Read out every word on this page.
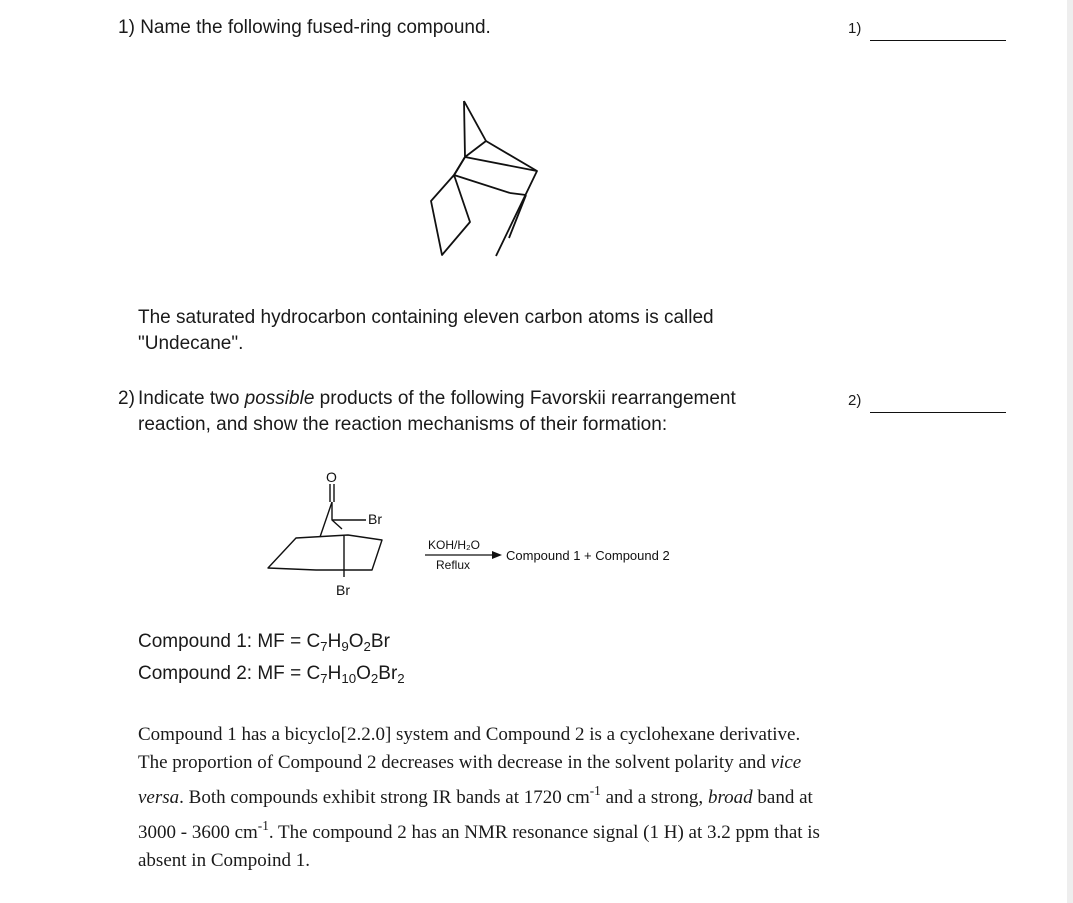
1) Name the following fused-ring compound.	1)
The saturated hydrocarbon containing eleven carbon atoms is called "Undecane".
2) Indicate two possible products of the following Favorskii rearrangement reaction, and show the reaction mechanisms of their formation:
2)
O
Br
Br
KOH/H₂O
Reflux
Compound 1 + Compound 2
Compound 1: MF = $C_7H_9O_2Br$
Compound 2: MF = $C_7H_{10}O_2Br_2$
Compound 1 has a bicyclo[2.2.0] system and Compound 2 is a cyclohexane derivative. The proportion of Compound 2 decreases with decrease in the solvent polarity and vice versa. Both compounds exhibit strong IR bands at 1720 $cm^{-1}$ and a strong, broad band at 3000 - 3600 $cm^{-1}$. The compound 2 has an NMR resonance signal (1 H) at 3.2 ppm that is absent in Compoind 1.
